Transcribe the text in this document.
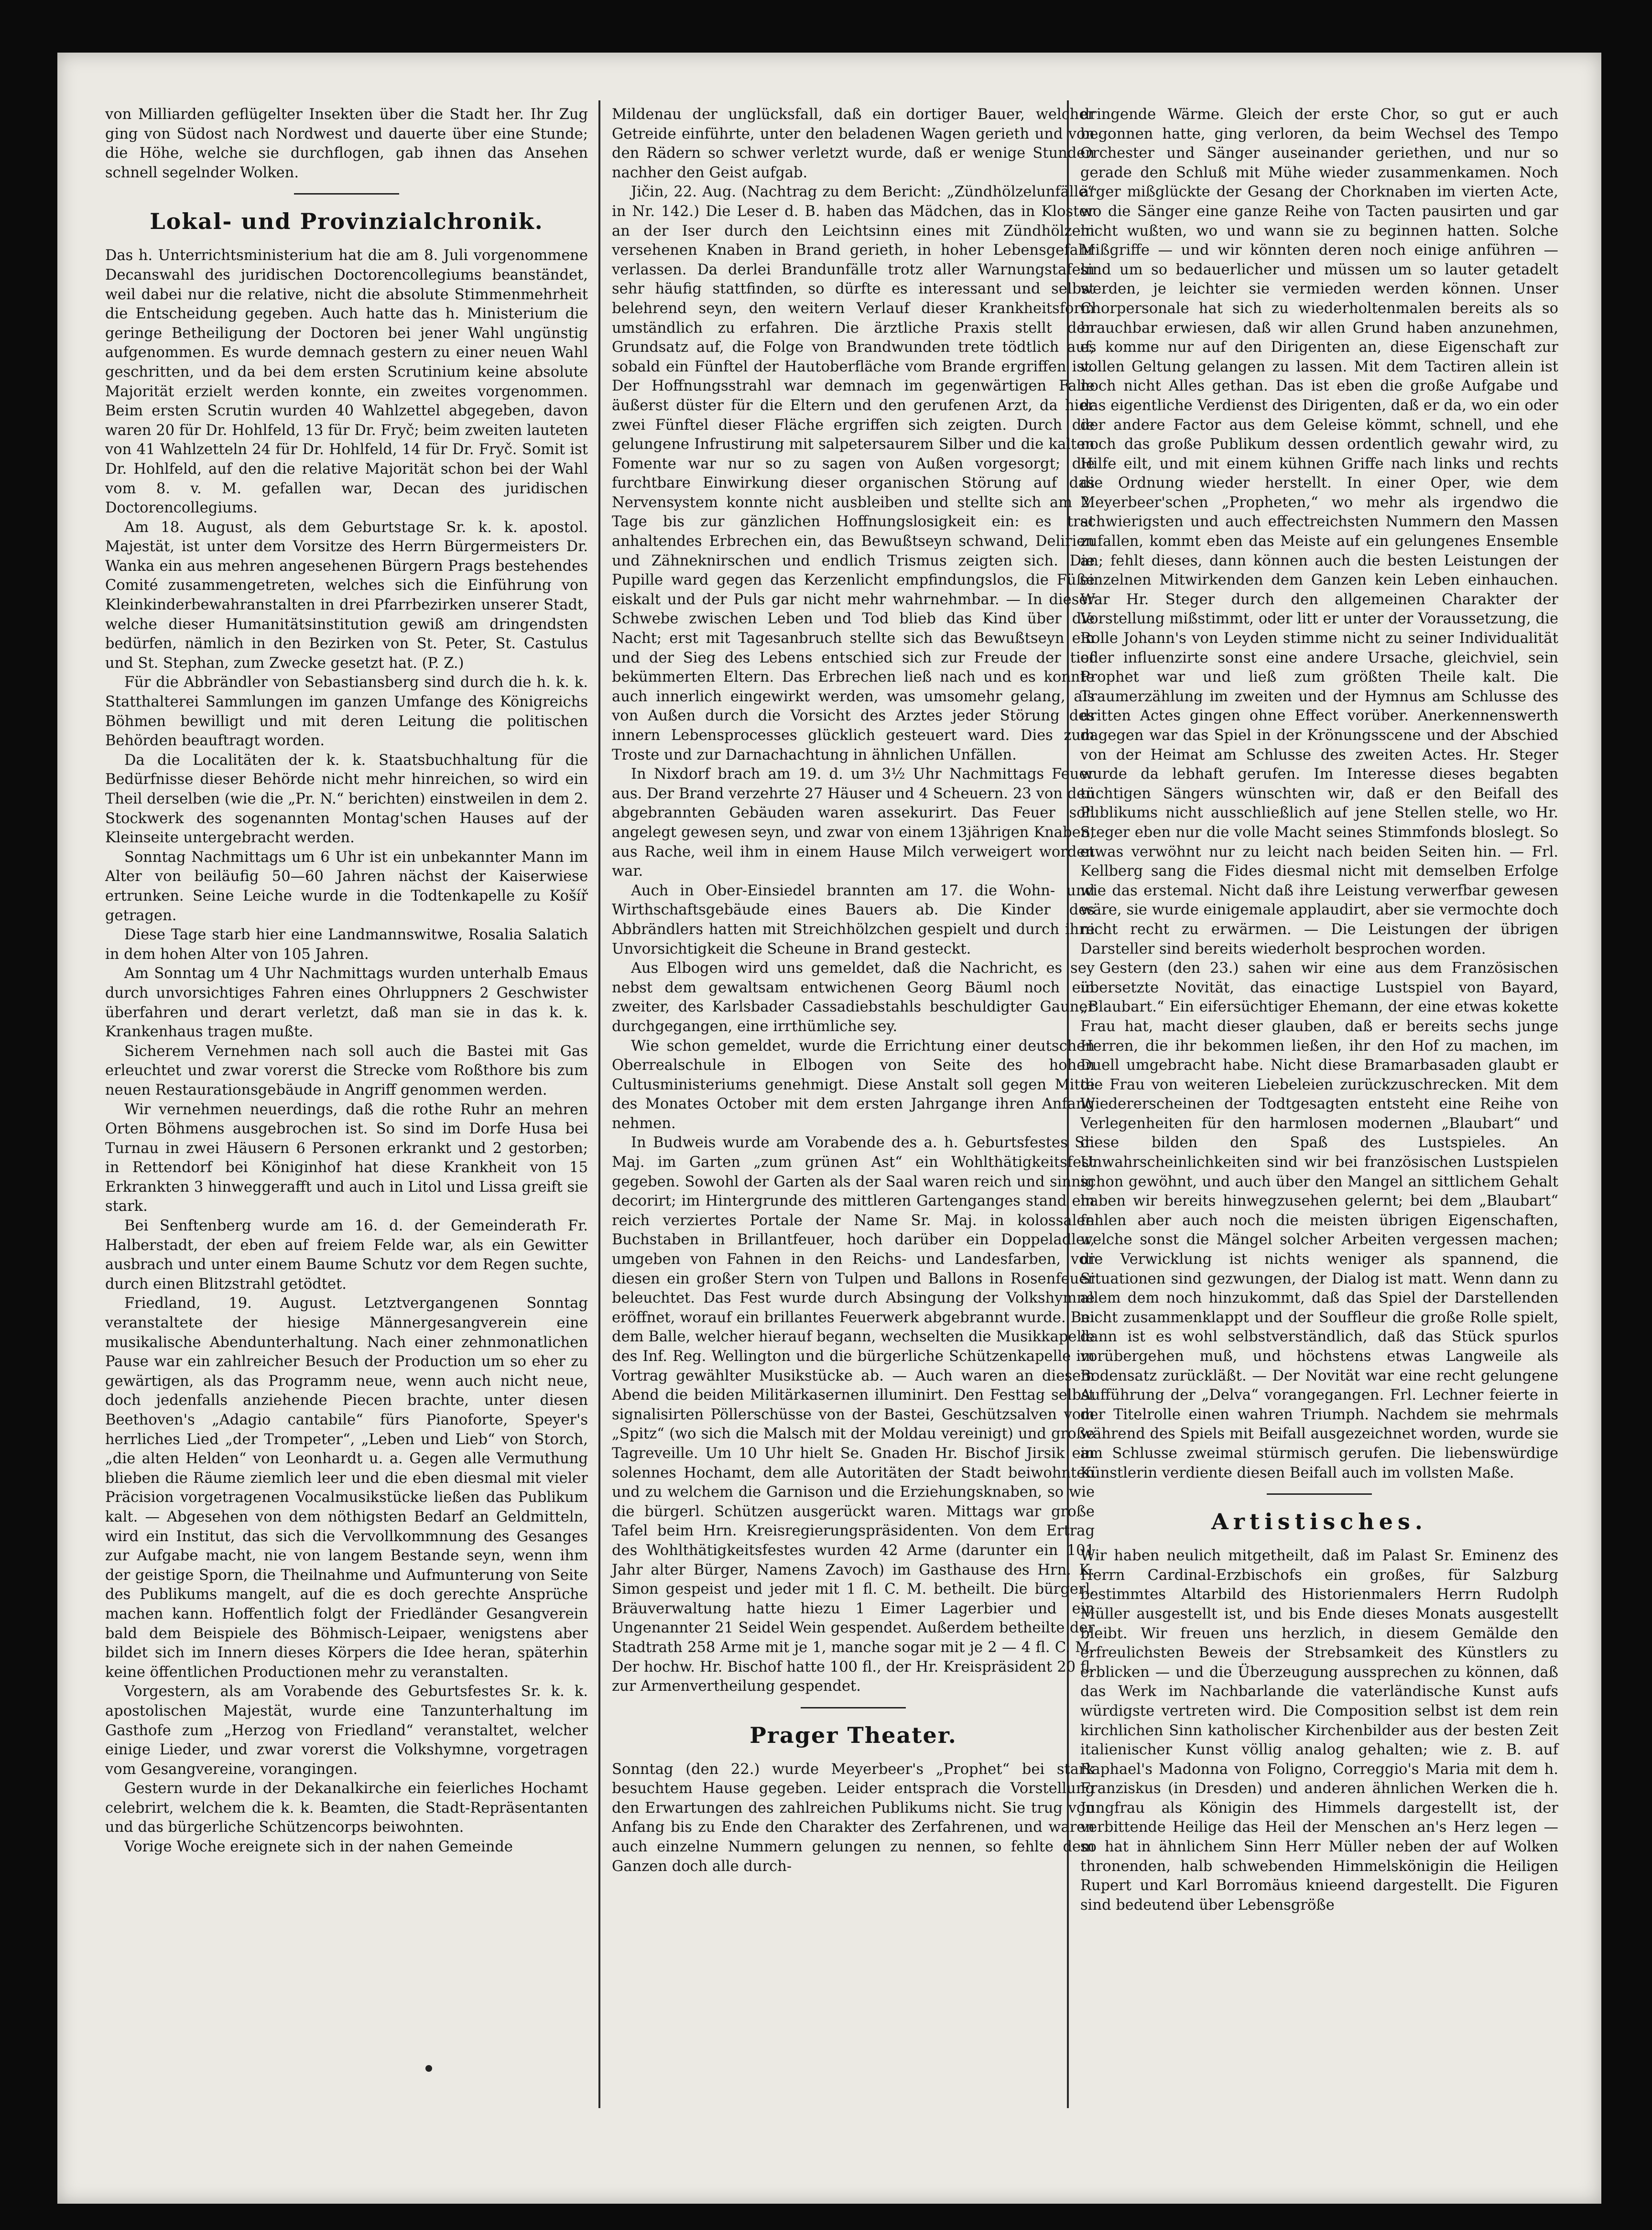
von Milliarden geflügelter Insekten über die Stadt her. Ihr Zug ging von Südost nach Nordwest und dauerte über eine Stunde; die Höhe, welche sie durchflogen, gab ihnen das Ansehen schnell segelnder Wolken.

Lokal- und Provinzialchronik.

Das h. Unterrichtsministerium hat die am 8. Juli vorgenommene Decanswahl des juridischen Doctorencollegiums beanständet, weil dabei nur die relative, nicht die absolute Stimmenmehrheit die Entscheidung gegeben. Auch hatte das h. Ministerium die geringe Betheiligung der Doctoren bei jener Wahl ungünstig aufgenommen. Es wurde demnach gestern zu einer neuen Wahl geschritten, und da bei dem ersten Scrutinium keine absolute Majorität erzielt werden konnte, ein zweites vorgenommen. Beim ersten Scrutin wurden 40 Wahlzettel abgegeben, davon waren 20 für Dr. Hohlfeld, 13 für Dr. Fryč; beim zweiten lauteten von 41 Wahlzetteln 24 für Dr. Hohlfeld, 14 für Dr. Fryč. Somit ist Dr. Hohlfeld, auf den die relative Majorität schon bei der Wahl vom 8. v. M. gefallen war, Decan des juridischen Doctorencollegiums.

Am 18. August, als dem Geburtstage Sr. k. k. apostol. Majestät, ist unter dem Vorsitze des Herrn Bürgermeisters Dr. Wanka ein aus mehren angesehenen Bürgern Prags bestehendes Comité zusammengetreten, welches sich die Einführung von Kleinkinderbewahranstalten in drei Pfarrbezirken unserer Stadt, welche dieser Humanitätsinstitution gewiß am dringendsten bedürfen, nämlich in den Bezirken von St. Peter, St. Castulus und St. Stephan, zum Zwecke gesetzt hat. (P. Z.)

Für die Abbrändler von Sebastiansberg sind durch die h. k. k. Statthalterei Sammlungen im ganzen Umfange des Königreichs Böhmen bewilligt und mit deren Leitung die politischen Behörden beauftragt worden.

Da die Localitäten der k. k. Staatsbuchhaltung für die Bedürfnisse dieser Behörde nicht mehr hinreichen, so wird ein Theil derselben (wie die „Pr. N.“ berichten) einstweilen in dem 2. Stockwerk des sogenannten Montag'schen Hauses auf der Kleinseite untergebracht werden.

Sonntag Nachmittags um 6 Uhr ist ein unbekannter Mann im Alter von beiläufig 50—60 Jahren nächst der Kaiserwiese ertrunken. Seine Leiche wurde in die Todtenkapelle zu Košíř getragen.

Diese Tage starb hier eine Landmannswitwe, Rosalia Salatich in dem hohen Alter von 105 Jahren.

Am Sonntag um 4 Uhr Nachmittags wurden unterhalb Emaus durch unvorsichtiges Fahren eines Ohrluppners 2 Geschwister überfahren und derart verletzt, daß man sie in das k. k. Krankenhaus tragen mußte.

Sicherem Vernehmen nach soll auch die Bastei mit Gas erleuchtet und zwar vorerst die Strecke vom Roßthore bis zum neuen Restaurationsgebäude in Angriff genommen werden.

Wir vernehmen neuerdings, daß die rothe Ruhr an mehren Orten Böhmens ausgebrochen ist. So sind im Dorfe Husa bei Turnau in zwei Häusern 6 Personen erkrankt und 2 gestorben; in Rettendorf bei Königinhof hat diese Krankheit von 15 Erkrankten 3 hinweggerafft und auch in Litol und Lissa greift sie stark.

Bei Senftenberg wurde am 16. d. der Gemeinderath Fr. Halberstadt, der eben auf freiem Felde war, als ein Gewitter ausbrach und unter einem Baume Schutz vor dem Regen suchte, durch einen Blitzstrahl getödtet.

Friedland, 19. August. Letztvergangenen Sonntag veranstaltete der hiesige Männergesangverein eine musikalische Abendunterhaltung. Nach einer zehnmonatlichen Pause war ein zahlreicher Besuch der Production um so eher zu gewärtigen, als das Programm neue, wenn auch nicht neue, doch jedenfalls anziehende Piecen brachte, unter diesen Beethoven's „Adagio cantabile“ fürs Pianoforte, Speyer's herrliches Lied „der Trompeter“, „Leben und Lieb“ von Storch, „die alten Helden“ von Leonhardt u. a. Gegen alle Vermuthung blieben die Räume ziemlich leer und die eben diesmal mit vieler Präcision vorgetragenen Vocalmusikstücke ließen das Publikum kalt. — Abgesehen von dem nöthigsten Bedarf an Geldmitteln, wird ein Institut, das sich die Vervollkommnung des Gesanges zur Aufgabe macht, nie von langem Bestande seyn, wenn ihm der geistige Sporn, die Theilnahme und Aufmunterung von Seite des Publikums mangelt, auf die es doch gerechte Ansprüche machen kann. Hoffentlich folgt der Friedländer Gesangverein bald dem Beispiele des Böhmisch-Leipaer, wenigstens aber bildet sich im Innern dieses Körpers die Idee heran, späterhin keine öffentlichen Productionen mehr zu veranstalten.

Vorgestern, als am Vorabende des Geburtsfestes Sr. k. k. apostolischen Majestät, wurde eine Tanzunterhaltung im Gasthofe zum „Herzog von Friedland“ veranstaltet, welcher einige Lieder, und zwar vorerst die Volkshymne, vorgetragen vom Gesangvereine, vorangingen.

Gestern wurde in der Dekanalkirche ein feierliches Hochamt celebrirt, welchem die k. k. Beamten, die Stadt-Repräsentanten und das bürgerliche Schützencorps beiwohnten.

Vorige Woche ereignete sich in der nahen Gemeinde

Mildenau der unglücksfall, daß ein dortiger Bauer, welcher Getreide einführte, unter den beladenen Wagen gerieth und von den Rädern so schwer verletzt wurde, daß er wenige Stunden nachher den Geist aufgab.

Jičin, 22. Aug. (Nachtrag zu dem Bericht: „Zündhölzelunfälle“ in Nr. 142.) Die Leser d. B. haben das Mädchen, das in Kloster an der Iser durch den Leichtsinn eines mit Zündhölzeln versehenen Knaben in Brand gerieth, in hoher Lebensgefahr verlassen. Da derlei Brandunfälle trotz aller Warnungstafeln sehr häufig stattfinden, so dürfte es interessant und selbst belehrend seyn, den weitern Verlauf dieser Krankheitsform umständlich zu erfahren. Die ärztliche Praxis stellt den Grundsatz auf, die Folge von Brandwunden trete tödtlich auf, sobald ein Fünftel der Hautoberfläche vom Brande ergriffen ist. Der Hoffnungsstrahl war demnach im gegenwärtigen Falle äußerst düster für die Eltern und den gerufenen Arzt, da hier zwei Fünftel dieser Fläche ergriffen sich zeigten. Durch die gelungene Infrustirung mit salpetersaurem Silber und die kalten Fomente war nur so zu sagen von Außen vorgesorgt; die furchtbare Einwirkung dieser organischen Störung auf das Nervensystem konnte nicht ausbleiben und stellte sich am 2. Tage bis zur gänzlichen Hoffnungslosigkeit ein: es trat anhaltendes Erbrechen ein, das Bewußtseyn schwand, Delirien und Zähneknirschen und endlich Trismus zeigten sich. Die Pupille ward gegen das Kerzenlicht empfindungslos, die Füße eiskalt und der Puls gar nicht mehr wahrnehmbar. — In dieser Schwebe zwischen Leben und Tod blieb das Kind über die Nacht; erst mit Tagesanbruch stellte sich das Bewußtseyn ein und der Sieg des Lebens entschied sich zur Freude der tief bekümmerten Eltern. Das Erbrechen ließ nach und es konnte auch innerlich eingewirkt werden, was umsomehr gelang, als von Außen durch die Vorsicht des Arztes jeder Störung des innern Lebensprocesses glücklich gesteuert ward. Dies zum Troste und zur Darnachachtung in ähnlichen Unfällen.

In Nixdorf brach am 19. d. um 3½ Uhr Nachmittags Feuer aus. Der Brand verzehrte 27 Häuser und 4 Scheuern. 23 von den abgebrannten Gebäuden waren assekurirt. Das Feuer soll angelegt gewesen seyn, und zwar von einem 13jährigen Knaben, aus Rache, weil ihm in einem Hause Milch verweigert worden war.

Auch in Ober-Einsiedel brannten am 17. die Wohn- und Wirthschaftsgebäude eines Bauers ab. Die Kinder des Abbrändlers hatten mit Streichhölzchen gespielt und durch ihre Unvorsichtigkeit die Scheune in Brand gesteckt.

Aus Elbogen wird uns gemeldet, daß die Nachricht, es sey nebst dem gewaltsam entwichenen Georg Bäuml noch ein zweiter, des Karlsbader Cassadiebstahls beschuldigter Gauner durchgegangen, eine irrthümliche sey.

Wie schon gemeldet, wurde die Errichtung einer deutschen Oberrealschule in Elbogen von Seite des hohen Cultusministeriums genehmigt. Diese Anstalt soll gegen Mitte des Monates October mit dem ersten Jahrgange ihren Anfang nehmen.

In Budweis wurde am Vorabende des a. h. Geburtsfestes Sr. Maj. im Garten „zum grünen Ast“ ein Wohlthätigkeitsfest gegeben. Sowohl der Garten als der Saal waren reich und sinnig decorirt; im Hintergrunde des mittleren Gartenganges stand ein reich verziertes Portale der Name Sr. Maj. in kolossalen Buchstaben in Brillantfeuer, hoch darüber ein Doppeladler, umgeben von Fahnen in den Reichs- und Landesfarben, vor diesen ein großer Stern von Tulpen und Ballons in Rosenfeuer beleuchtet. Das Fest wurde durch Absingung der Volkshymne eröffnet, worauf ein brillantes Feuerwerk abgebrannt wurde. Bei dem Balle, welcher hierauf begann, wechselten die Musikkapelle des Inf. Reg. Wellington und die bürgerliche Schützenkapelle im Vortrag gewählter Musikstücke ab. — Auch waren an diesem Abend die beiden Militärkasernen illuminirt. Den Festtag selbst signalisirten Pöllerschüsse von der Bastei, Geschützsalven vom „Spitz“ (wo sich die Malsch mit der Moldau vereinigt) und große Tagreveille. Um 10 Uhr hielt Se. Gnaden Hr. Bischof Jirsik ein solennes Hochamt, dem alle Autoritäten der Stadt beiwohnten und zu welchem die Garnison und die Erziehungsknaben, so wie die bürgerl. Schützen ausgerückt waren. Mittags war große Tafel beim Hrn. Kreisregierungspräsidenten. Von dem Ertrag des Wohlthätigkeitsfestes wurden 42 Arme (darunter ein 101 Jahr alter Bürger, Namens Zavoch) im Gasthause des Hrn. K. Simon gespeist und jeder mit 1 fl. C. M. betheilt. Die bürgerl. Bräuverwaltung hatte hiezu 1 Eimer Lagerbier und ein Ungenannter 21 Seidel Wein gespendet. Außerdem betheilte der Stadtrath 258 Arme mit je 1, manche sogar mit je 2 — 4 fl. C. M. Der hochw. Hr. Bischof hatte 100 fl., der Hr. Kreispräsident 20 fl. zur Armenvertheilung gespendet.

Prager Theater.

Sonntag (den 22.) wurde Meyerbeer's „Prophet“ bei stark besuchtem Hause gegeben. Leider entsprach die Vorstellung den Erwartungen des zahlreichen Publikums nicht. Sie trug von Anfang bis zu Ende den Charakter des Zerfahrenen, und waren auch einzelne Nummern gelungen zu nennen, so fehlte dem Ganzen doch alle durch-

dringende Wärme. Gleich der erste Chor, so gut er auch begonnen hatte, ging verloren, da beim Wechsel des Tempo Orchester und Sänger auseinander geriethen, und nur so gerade den Schluß mit Mühe wieder zusammenkamen. Noch ärger mißglückte der Gesang der Chorknaben im vierten Acte, wo die Sänger eine ganze Reihe von Tacten pausirten und gar nicht wußten, wo und wann sie zu beginnen hatten. Solche Mißgriffe — und wir könnten deren noch einige anführen — sind um so bedauerlicher und müssen um so lauter getadelt werden, je leichter sie vermieden werden können. Unser Chorpersonale hat sich zu wiederholtenmalen bereits als so brauchbar erwiesen, daß wir allen Grund haben anzunehmen, es komme nur auf den Dirigenten an, diese Eigenschaft zur vollen Geltung gelangen zu lassen. Mit dem Tactiren allein ist noch nicht Alles gethan. Das ist eben die große Aufgabe und das eigentliche Verdienst des Dirigenten, daß er da, wo ein oder der andere Factor aus dem Geleise kömmt, schnell, und ehe noch das große Publikum dessen ordentlich gewahr wird, zu Hilfe eilt, und mit einem kühnen Griffe nach links und rechts die Ordnung wieder herstellt. In einer Oper, wie dem Meyerbeer'schen „Propheten,“ wo mehr als irgendwo die schwierigsten und auch effectreichsten Nummern den Massen zufallen, kommt eben das Meiste auf ein gelungenes Ensemble an; fehlt dieses, dann können auch die besten Leistungen der einzelnen Mitwirkenden dem Ganzen kein Leben einhauchen. War Hr. Steger durch den allgemeinen Charakter der Vorstellung mißstimmt, oder litt er unter der Voraussetzung, die Rolle Johann's von Leyden stimme nicht zu seiner Individualität oder influenzirte sonst eine andere Ursache, gleichviel, sein Prophet war und ließ zum größten Theile kalt. Die Traumerzählung im zweiten und der Hymnus am Schlusse des dritten Actes gingen ohne Effect vorüber. Anerkennenswerth dagegen war das Spiel in der Krönungsscene und der Abschied von der Heimat am Schlusse des zweiten Actes. Hr. Steger wurde da lebhaft gerufen. Im Interesse dieses begabten tüchtigen Sängers wünschten wir, daß er den Beifall des Publikums nicht ausschließlich auf jene Stellen stelle, wo Hr. Steger eben nur die volle Macht seines Stimmfonds bloslegt. So etwas verwöhnt nur zu leicht nach beiden Seiten hin. — Frl. Kellberg sang die Fides diesmal nicht mit demselben Erfolge wie das erstemal. Nicht daß ihre Leistung verwerfbar gewesen wäre, sie wurde einigemale applaudirt, aber sie vermochte doch nicht recht zu erwärmen. — Die Leistungen der übrigen Darsteller sind bereits wiederholt besprochen worden.

Gestern (den 23.) sahen wir eine aus dem Französischen übersetzte Novität, das einactige Lustspiel von Bayard, „Blaubart.“ Ein eifersüchtiger Ehemann, der eine etwas kokette Frau hat, macht dieser glauben, daß er bereits sechs junge Herren, die ihr bekommen ließen, ihr den Hof zu machen, im Duell umgebracht habe. Nicht diese Bramarbasaden glaubt er die Frau von weiteren Liebeleien zurückzuschrecken. Mit dem Wiedererscheinen der Todtgesagten entsteht eine Reihe von Verlegenheiten für den harmlosen modernen „Blaubart“ und diese bilden den Spaß des Lustspieles. An Unwahrscheinlichkeiten sind wir bei französischen Lustspielen schon gewöhnt, und auch über den Mangel an sittlichem Gehalt haben wir bereits hinwegzusehen gelernt; bei dem „Blaubart“ fehlen aber auch noch die meisten übrigen Eigenschaften, welche sonst die Mängel solcher Arbeiten vergessen machen; die Verwicklung ist nichts weniger als spannend, die Situationen sind gezwungen, der Dialog ist matt. Wenn dann zu allem dem noch hinzukommt, daß das Spiel der Darstellenden nicht zusammenklappt und der Souffleur die große Rolle spielt, dann ist es wohl selbstverständlich, daß das Stück spurlos vorübergehen muß, und höchstens etwas Langweile als Bodensatz zurückläßt. — Der Novität war eine recht gelungene Aufführung der „Delva“ vorangegangen. Frl. Lechner feierte in der Titelrolle einen wahren Triumph. Nachdem sie mehrmals während des Spiels mit Beifall ausgezeichnet worden, wurde sie am Schlusse zweimal stürmisch gerufen. Die liebenswürdige Künstlerin verdiente diesen Beifall auch im vollsten Maße.

Artistisches.

Wir haben neulich mitgetheilt, daß im Palast Sr. Eminenz des Herrn Cardinal-Erzbischofs ein großes, für Salzburg bestimmtes Altarbild des Historienmalers Herrn Rudolph Müller ausgestellt ist, und bis Ende dieses Monats ausgestellt bleibt. Wir freuen uns herzlich, in diesem Gemälde den erfreulichsten Beweis der Strebsamkeit des Künstlers zu erblicken — und die Überzeugung aussprechen zu können, daß das Werk im Nachbarlande die vaterländische Kunst aufs würdigste vertreten wird. Die Composition selbst ist dem rein kirchlichen Sinn katholischer Kirchenbilder aus der besten Zeit italienischer Kunst völlig analog gehalten; wie z. B. auf Raphael's Madonna von Foligno, Correggio's Maria mit dem h. Franziskus (in Dresden) und anderen ähnlichen Werken die h. Jungfrau als Königin des Himmels dargestellt ist, der verbittende Heilige das Heil der Menschen an's Herz legen — so hat in ähnlichem Sinn Herr Müller neben der auf Wolken thronenden, halb schwebenden Himmelskönigin die Heiligen Rupert und Karl Borromäus knieend dargestellt. Die Figuren sind bedeutend über Lebensgröße
